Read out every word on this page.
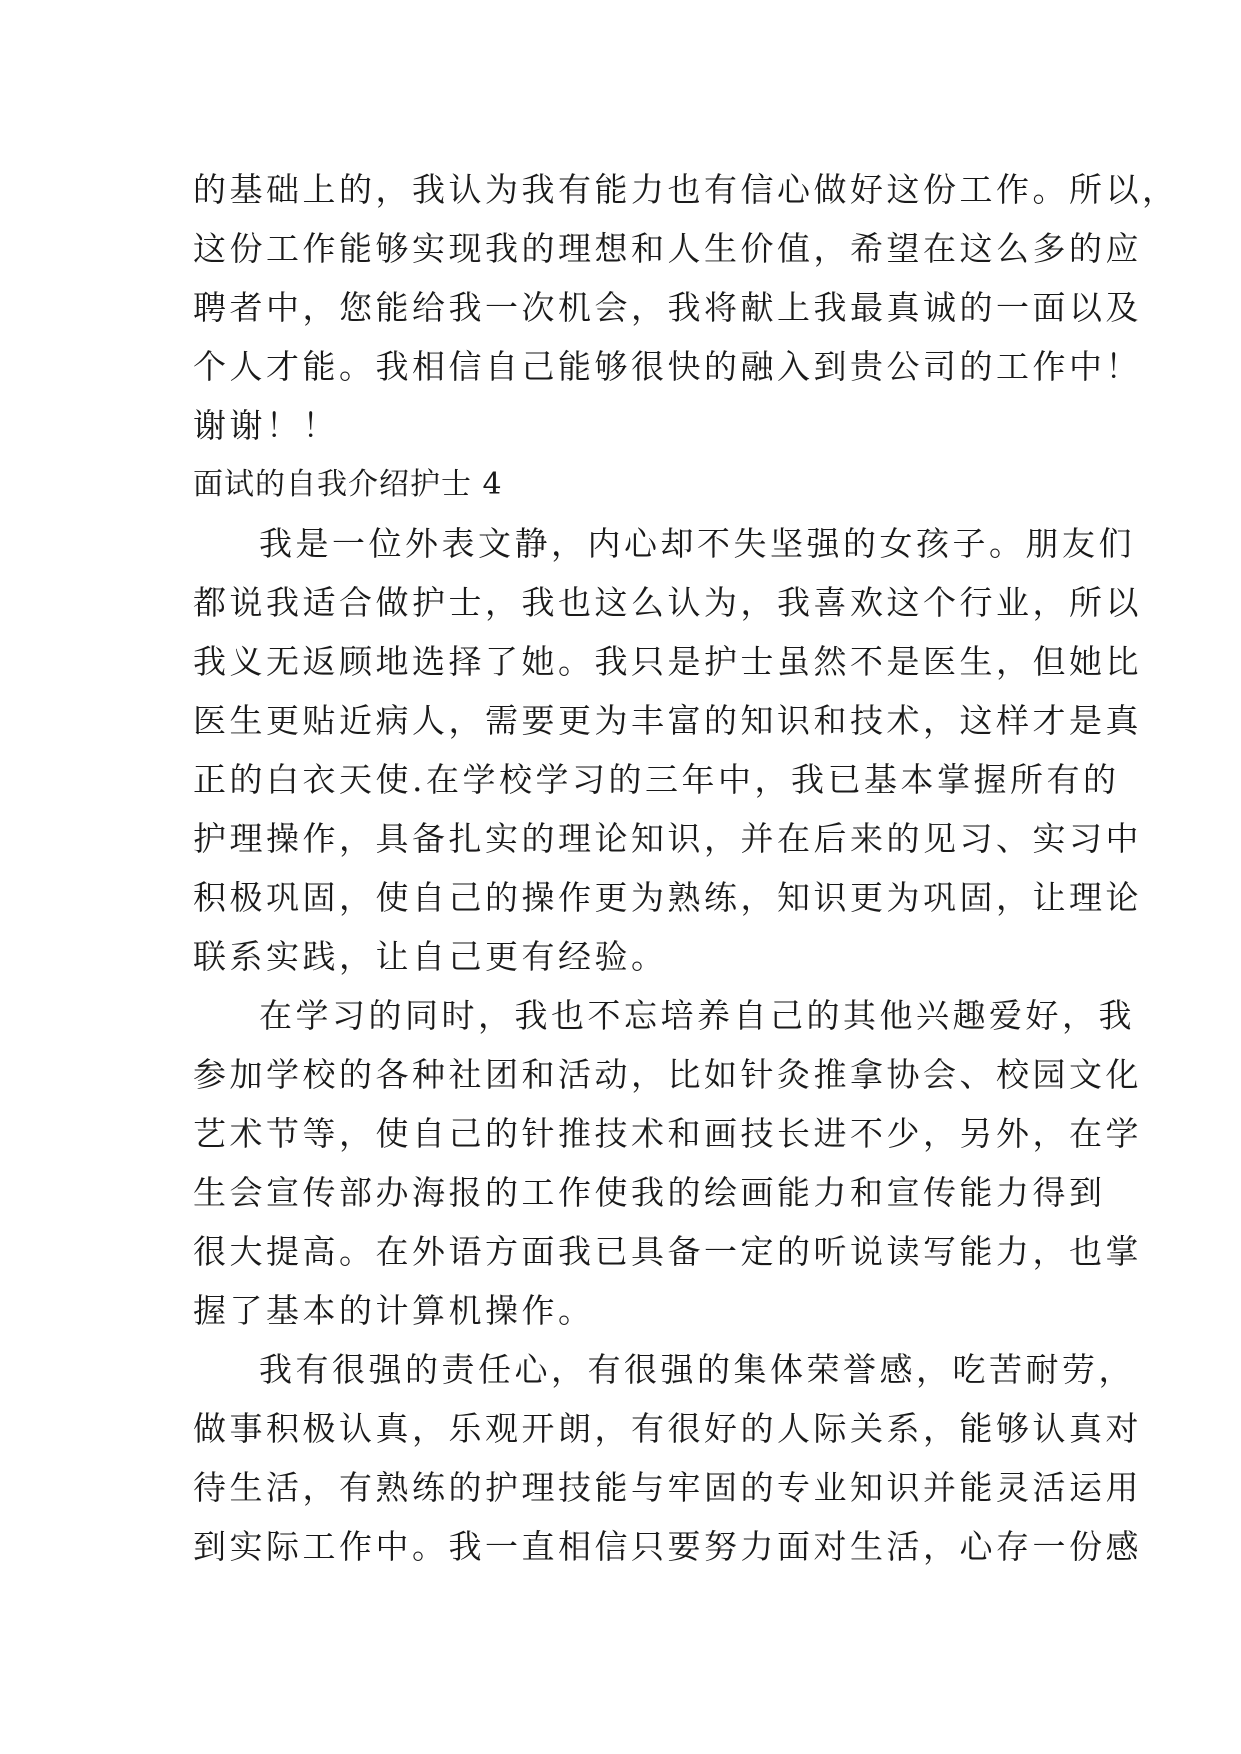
的基础上的，我认为我有能力也有信心做好这份工作。所以，
这份工作能够实现我的理想和人生价值，希望在这么多的应
聘者中，您能给我一次机会，我将献上我最真诚的一面以及
个人才能。我相信自己能够很快的融入到贵公司的工作中！
谢谢！！
面试的自我介绍护士 4
我是一位外表文静，内心却不失坚强的女孩子。朋友们
都说我适合做护士，我也这么认为，我喜欢这个行业，所以
我义无返顾地选择了她。我只是护士虽然不是医生，但她比
医生更贴近病人，需要更为丰富的知识和技术，这样才是真
正的白衣天使.在学校学习的三年中，我已基本掌握所有的
护理操作，具备扎实的理论知识，并在后来的见习、实习中
积极巩固，使自己的操作更为熟练，知识更为巩固，让理论
联系实践，让自己更有经验。
在学习的同时，我也不忘培养自己的其他兴趣爱好，我
参加学校的各种社团和活动，比如针灸推拿协会、校园文化
艺术节等，使自己的针推技术和画技长进不少，另外，在学
生会宣传部办海报的工作使我的绘画能力和宣传能力得到
很大提高。在外语方面我已具备一定的听说读写能力，也掌
握了基本的计算机操作。
我有很强的责任心，有很强的集体荣誉感，吃苦耐劳，
做事积极认真，乐观开朗，有很好的人际关系，能够认真对
待生活，有熟练的护理技能与牢固的专业知识并能灵活运用
到实际工作中。我一直相信只要努力面对生活，心存一份感
